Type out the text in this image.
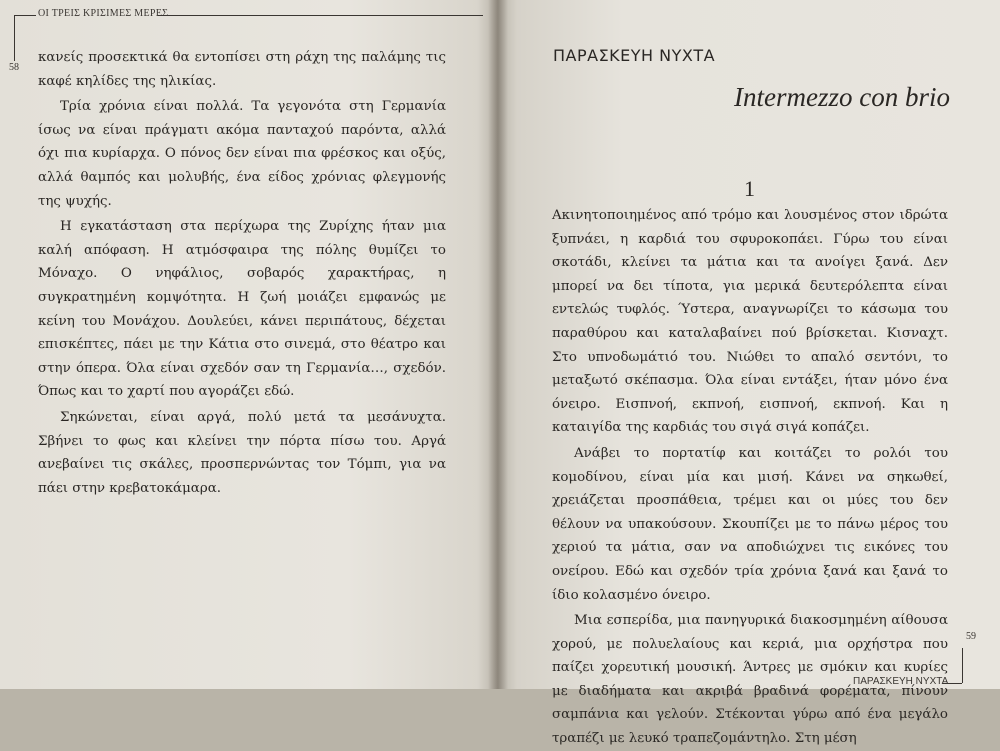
ΟΙ ΤΡΕΙΣ ΚΡΙΣΙΜΕΣ ΜΕΡΕΣ
58

κανείς προσεκτικά θα εντοπίσει στη ράχη της παλάμης τις καφέ κηλίδες της ηλικίας.

Τρία χρόνια είναι πολλά. Τα γεγονότα στη Γερμανία ίσως να είναι πράγματι ακόμα πανταχού παρόντα, αλλά όχι πια κυρίαρχα. Ο πόνος δεν είναι πια φρέσκος και οξύς, αλλά θαμπός και μολυβής, ένα είδος χρόνιας φλεγμονής της ψυχής.

Η εγκατάσταση στα περίχωρα της Ζυρίχης ήταν μια καλή απόφαση. Η ατμόσφαιρα της πόλης θυμίζει το Μόναχο. Ο νηφάλιος, σοβαρός χαρακτήρας, η συγκρατημένη κομψότητα. Η ζωή μοιάζει εμφανώς με κείνη του Μονάχου. Δουλεύει, κάνει περιπάτους, δέχεται επισκέπτες, πάει με την Κάτια στο σινεμά, στο θέατρο και στην όπερα. Όλα είναι σχεδόν σαν τη Γερμανία…, σχεδόν. Όπως και το χαρτί που αγοράζει εδώ.

Σηκώνεται, είναι αργά, πολύ μετά τα μεσάνυχτα. Σβήνει το φως και κλείνει την πόρτα πίσω του. Αργά ανεβαίνει τις σκάλες, προσπερνώντας τον Τόμπι, για να πάει στην κρεβατοκάμαρα.

ΠΑΡΑΣΚΕΥΗ ΝΥΧΤΑ
Intermezzo con brio
1

Ακινητοποιημένος από τρόμο και λουσμένος στον ιδρώτα ξυπνάει, η καρδιά του σφυροκοπάει. Γύρω του είναι σκοτάδι, κλείνει τα μάτια και τα ανοίγει ξανά. Δεν μπορεί να δει τίποτα, για μερικά δευτερόλεπτα είναι εντελώς τυφλός. Ύστερα, αναγνωρίζει το κάσωμα του παραθύρου και καταλαβαίνει πού βρίσκεται. Κισναχτ. Στο υπνοδωμάτιό του. Νιώθει το απαλό σεντόνι, το μεταξωτό σκέπασμα. Όλα είναι εντάξει, ήταν μόνο ένα όνειρο. Εισπνοή, εκπνοή, εισπνοή, εκπνοή. Και η καταιγίδα της καρδιάς του σιγά σιγά κοπάζει.

Ανάβει το πορτατίφ και κοιτάζει το ρολόι του κομοδίνου, είναι μία και μισή. Κάνει να σηκωθεί, χρειάζεται προσπάθεια, τρέμει και οι μύες του δεν θέλουν να υπακούσουν. Σκουπίζει με το πάνω μέρος του χεριού τα μάτια, σαν να αποδιώχνει τις εικόνες του ονείρου. Εδώ και σχεδόν τρία χρόνια ξανά και ξανά το ίδιο κολασμένο όνειρο.

Μια εσπερίδα, μια πανηγυρικά διακοσμημένη αίθουσα χορού, με πολυελαίους και κεριά, μια ορχήστρα που παίζει χορευτική μουσική. Άντρες με σμόκιν και κυρίες με διαδήματα και ακριβά βραδινά φορέματα, πίνουν σαμπάνια και γελούν. Στέκονται γύρω από ένα μεγάλο τραπέζι με λευκό τραπεζομάντηλο. Στη μέση

59
ΠΑΡΑΣΚΕΥΗ ΝΥΧΤΑ
